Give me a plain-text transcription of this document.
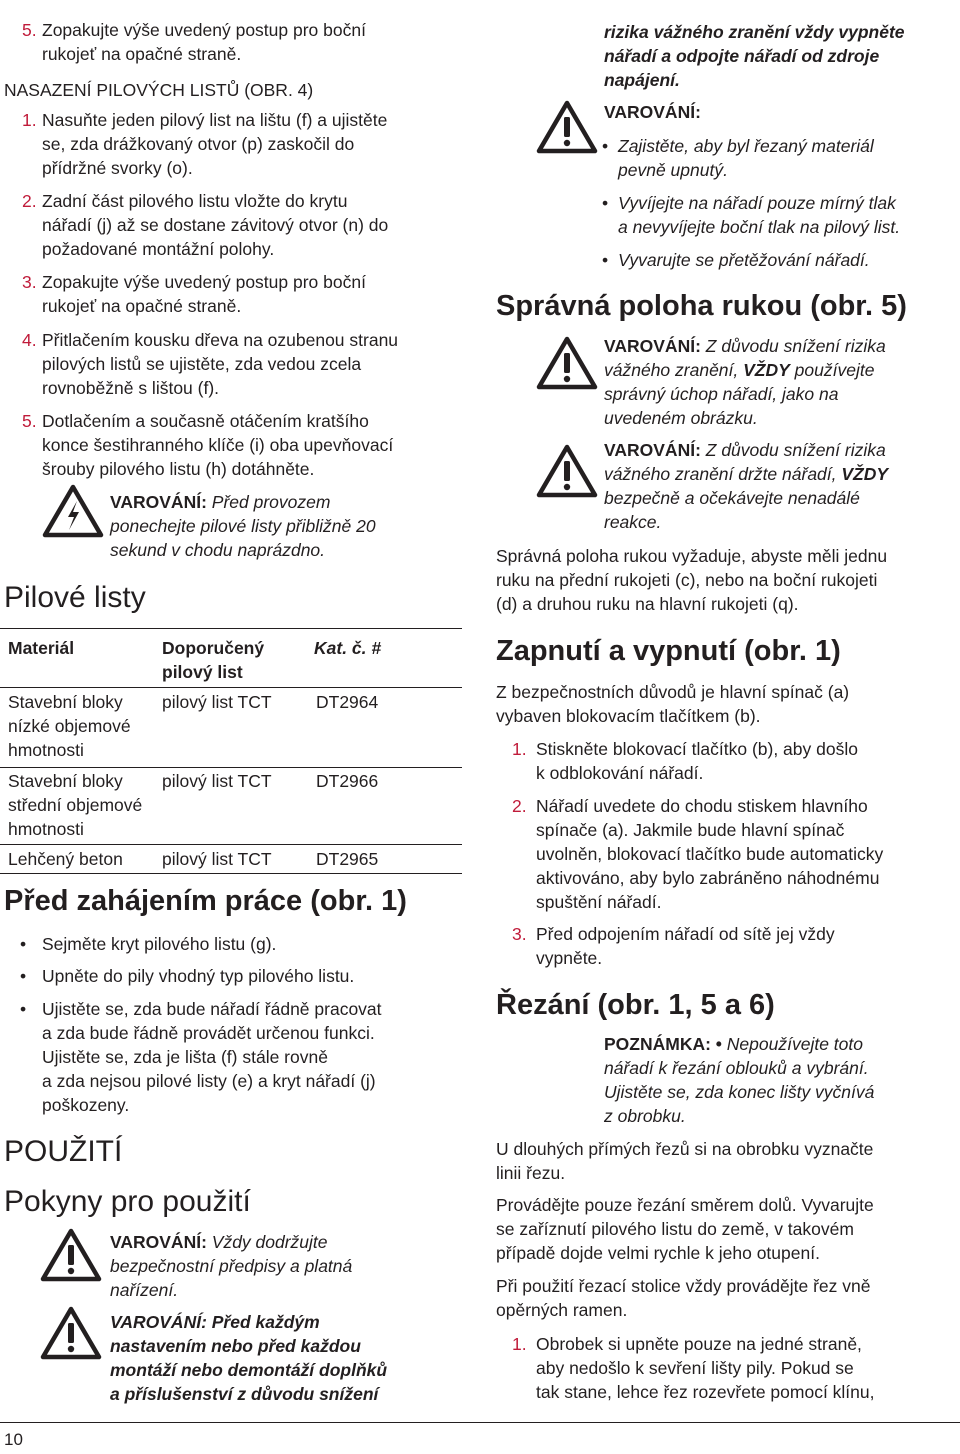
5. Zopakujte výše uvedený postup pro boční
rukojeť na opačné straně.
NASAZENÍ PILOVÝCH LISTŮ (OBR. 4)
1. Nasuňte jeden pilový list na lištu (f) a ujistěte
se, zda drážkovaný otvor (p) zaskočil do
přídržné svorky (o).
2. Zadní část pilového listu vložte do krytu
nářadí (j) až se dostane závitový otvor (n) do
požadované montážní polohy.
3. Zopakujte výše uvedený postup pro boční
rukojeť na opačné straně.
4. Přitlačením kousku dřeva na ozubenou stranu
pilových listů se ujistěte, zda vedou zcela
rovnoběžně s lištou (f).
5. Dotlačením a současně otáčením kratšího
konce šestihranného klíče (i) oba upevňovací
šrouby pilového listu (h) dotáhněte.
VAROVÁNÍ: Před provozem
ponechejte pilové listy přibližně 20
sekund v chodu naprázdno.
Pilové listy
Materiál	Doporučený
pilový list
Kat. č. #
Stavební bloky
nízké objemové
hmotnosti
pilový list TCT	DT2964
Stavební bloky
střední objemové
hmotnosti
pilový list TCT	DT2966
Lehčený beton pilový list TCT	DT2965
Před zahájením práce (obr. 1)
• Sejměte kryt pilového listu (g).
• Upněte do pily vhodný typ pilového listu.
• Ujistěte se, zda bude nářadí řádně pracovat
a zda bude řádně provádět určenou funkci.
Ujistěte se, zda je lišta (f) stále rovně
a zda nejsou pilové listy (e) a kryt nářadí (j)
poškozeny.
POUŽITÍ
Pokyny pro použití
VAROVÁNÍ: Vždy dodržujte
bezpečnostní předpisy a platná
nařízení.
VAROVÁNÍ: Před každým
nastavením nebo před každou
montáží nebo demontáží doplňků
a příslušenství z důvodu snížení
rizika vážného zranění vždy vypněte
nářadí a odpojte nářadí od zdroje
napájení.
VAROVÁNÍ:
• Zajistěte, aby byl řezaný materiál
pevně upnutý.
• Vyvíjejte na nářadí pouze mírný tlak
a nevyvíjejte boční tlak na pilový list.
• Vyvarujte se přetěžování nářadí.
Správná poloha rukou (obr. 5)
VAROVÁNÍ: Z důvodu snížení rizika
vážného zranění, VŽDY používejte
správný úchop nářadí, jako na
uvedeném obrázku.
VAROVÁNÍ: Z důvodu snížení rizika
vážného zranění držte nářadí, VŽDY
bezpečně a očekávejte nenadálé
reakce.
Správná poloha rukou vyžaduje, abyste měli jednu
ruku na přední rukojeti (c), nebo na boční rukojeti
(d) a druhou ruku na hlavní rukojeti (q).
Zapnutí a vypnutí (obr. 1)
Z bezpečnostních důvodů je hlavní spínač (a)
vybaven blokovacím tlačítkem (b).
1. Stiskněte blokovací tlačítko (b), aby došlo
k odblokování nářadí.
2. Nářadí uvedete do chodu stiskem hlavního
spínače (a). Jakmile bude hlavní spínač
uvolněn, blokovací tlačítko bude automaticky
aktivováno, aby bylo zabráněno náhodnému
spuštění nářadí.
3. Před odpojením nářadí od sítě jej vždy
vypněte.
Řezání (obr. 1, 5 a 6)
POZNÁMKA: • Nepoužívejte toto
nářadí k řezání oblouků a vybrání.
Ujistěte se, zda konec lišty vyčnívá
z obrobku.
U dlouhých přímých řezů si na obrobku vyznačte
linii řezu.
Provádějte pouze řezání směrem dolů. Vyvarujte
se zaříznutí pilového listu do země, v takovém
případě dojde velmi rychle k jeho otupení.
Při použití řezací stolice vždy provádějte řez vně
opěrných ramen.
1. Obrobek si upněte pouze na jedné straně,
aby nedošlo k sevření lišty pily. Pokud se
tak stane, lehce řez rozevřete pomocí klínu,
10
